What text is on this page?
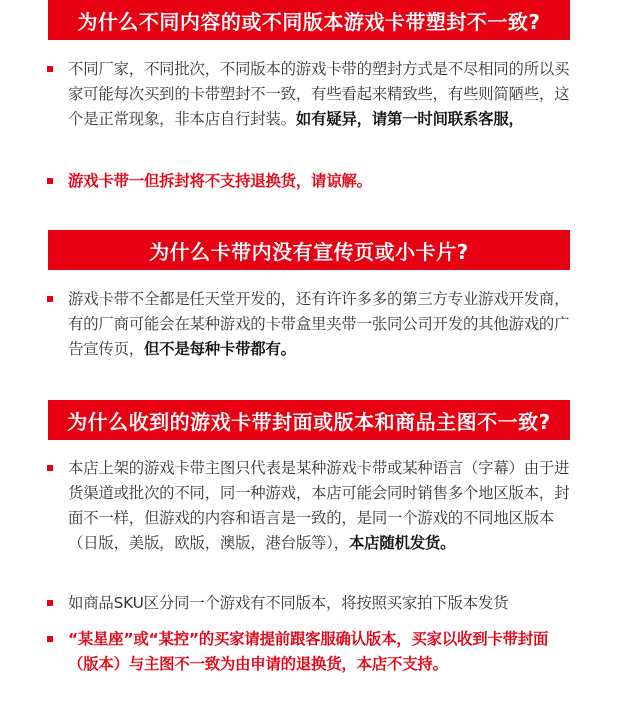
为什么不同内容的或不同版本游戏卡带塑封不一致?
不同厂家，不同批次，不同版本的游戏卡带的塑封方式是不尽相同的所以买家可能每次买到的卡带塑封不一致，有些看起来精致些，有些则简陋些，这个是正常现象，非本店自行封装。如有疑异，请第一时间联系客服，
游戏卡带一但拆封将不支持退换货，请谅解。
为什么卡带内没有宣传页或小卡片?
游戏卡带不全都是任天堂开发的，还有许许多多的第三方专业游戏开发商，有的厂商可能会在某种游戏的卡带盒里夹带一张同公司开发的其他游戏的广告宣传页，但不是每种卡带都有。
为什么收到的游戏卡带封面或版本和商品主图不一致?
本店上架的游戏卡带主图只代表是某种游戏卡带或某种语言（字幕）由于进货渠道或批次的不同，同一种游戏，本店可能会同时销售多个地区版本，封面不一样，但游戏的内容和语言是一致的，是同一个游戏的不同地区版本（日版，美版，欧版，澳版，港台版等），本店随机发货。
如商品SKU区分同一个游戏有不同版本，将按照买家拍下版本发货
“某星座”或“某控”的买家请提前跟客服确认版本，买家以收到卡带封面（版本）与主图不一致为由申请的退换货，本店不支持。
